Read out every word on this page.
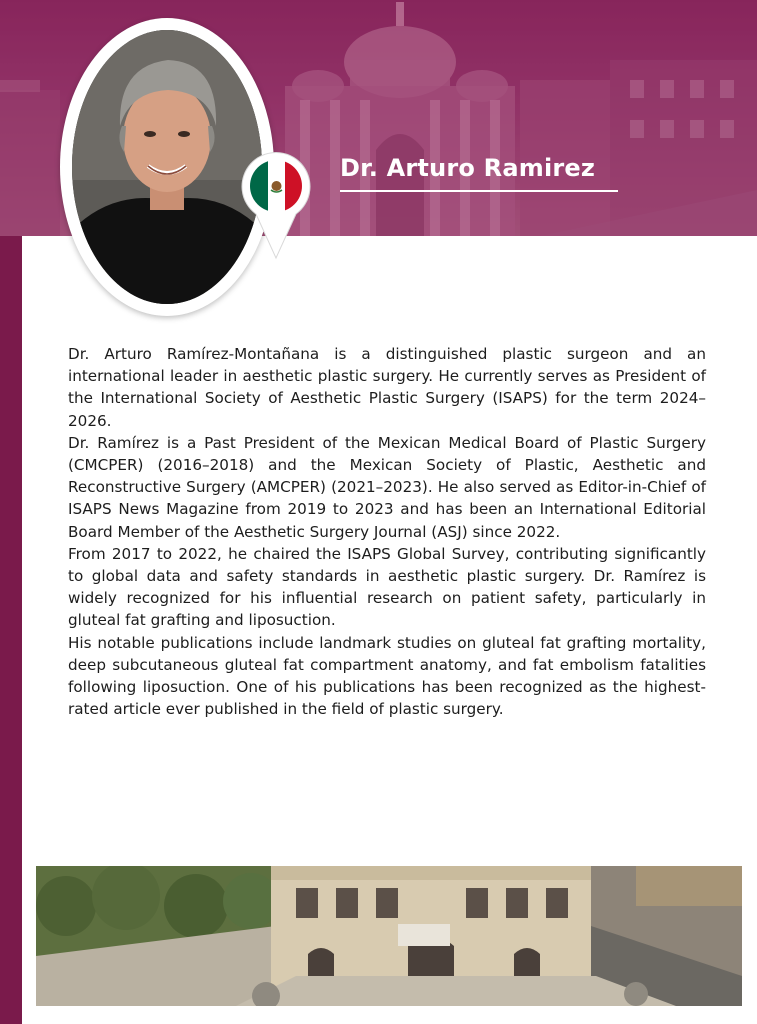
Dr. Arturo Ramirez

Dr. Arturo Ramírez-Montañana is a distinguished plastic surgeon and an international leader in aesthetic plastic surgery. He currently serves as President of the International Society of Aesthetic Plastic Surgery (ISAPS) for the term 2024–2026.

Dr. Ramírez is a Past President of the Mexican Medical Board of Plastic Surgery (CMCPER) (2016–2018) and the Mexican Society of Plastic, Aesthetic and Reconstructive Surgery (AMCPER) (2021–2023). He also served as Editor-in-Chief of ISAPS News Magazine from 2019 to 2023 and has been an International Editorial Board Member of the Aesthetic Surgery Journal (ASJ) since 2022.

From 2017 to 2022, he chaired the ISAPS Global Survey, contributing significantly to global data and safety standards in aesthetic plastic surgery. Dr. Ramírez is widely recognized for his influential research on patient safety, particularly in gluteal fat grafting and liposuction.

His notable publications include landmark studies on gluteal fat grafting mortality, deep subcutaneous gluteal fat compartment anatomy, and fat embolism fatalities following liposuction. One of his publications has been recognized as the highest-rated article ever published in the field of plastic surgery.
